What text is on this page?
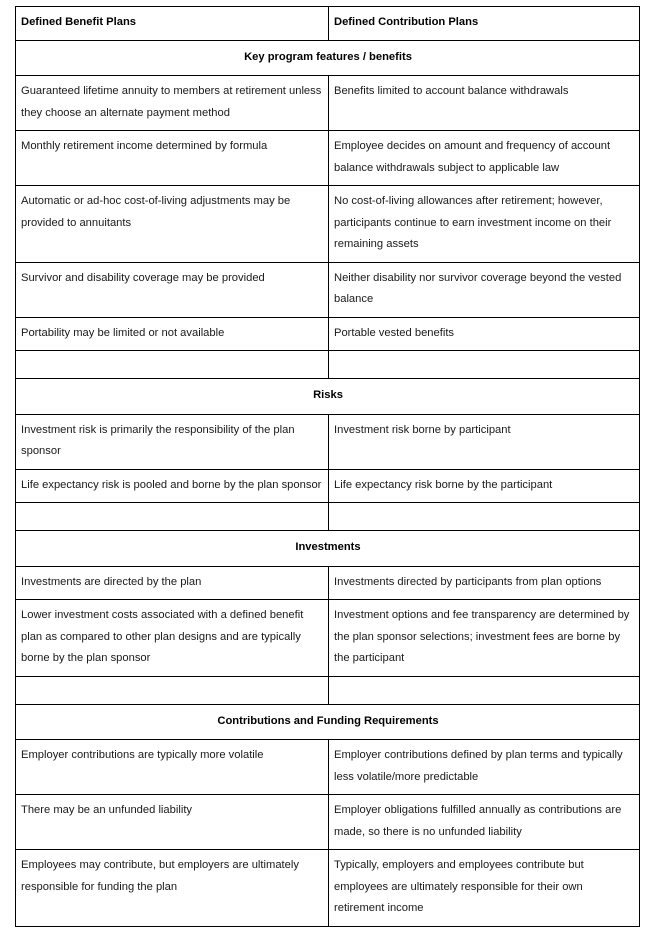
Defined Benefit Plans	Defined Contribution Plans
Key program features / benefits	
Guaranteed lifetime annuity to members at retirement unless they choose an alternate payment method	Benefits limited to account balance withdrawals
Monthly retirement income determined by formula	Employee decides on amount and frequency of account balance withdrawals subject to applicable law
Automatic or ad-hoc cost-of-living adjustments may be provided to annuitants	No cost-of-living allowances after retirement; however, participants continue to earn investment income on their remaining assets
Survivor and disability coverage may be provided	Neither disability nor survivor coverage beyond the vested balance
Portability may be limited or not available	Portable vested benefits

Risks	
Investment risk is primarily the responsibility of the plan sponsor	Investment risk borne by participant
Life expectancy risk is pooled and borne by the plan sponsor	Life expectancy risk borne by the participant

Investments	
Investments are directed by the plan	Investments directed by participants from plan options
Lower investment costs associated with a defined benefit plan as compared to other plan designs and are typically borne by the plan sponsor	Investment options and fee transparency are determined by the plan sponsor selections; investment fees are borne by the participant

Contributions and Funding Requirements	
Employer contributions are typically more volatile	Employer contributions defined by plan terms and typically less volatile/more predictable
There may be an unfunded liability	Employer obligations fulfilled annually as contributions are made, so there is no unfunded liability
Employees may contribute, but employers are ultimately responsible for funding the plan	Typically, employers and employees contribute but employees are ultimately responsible for their own retirement income
